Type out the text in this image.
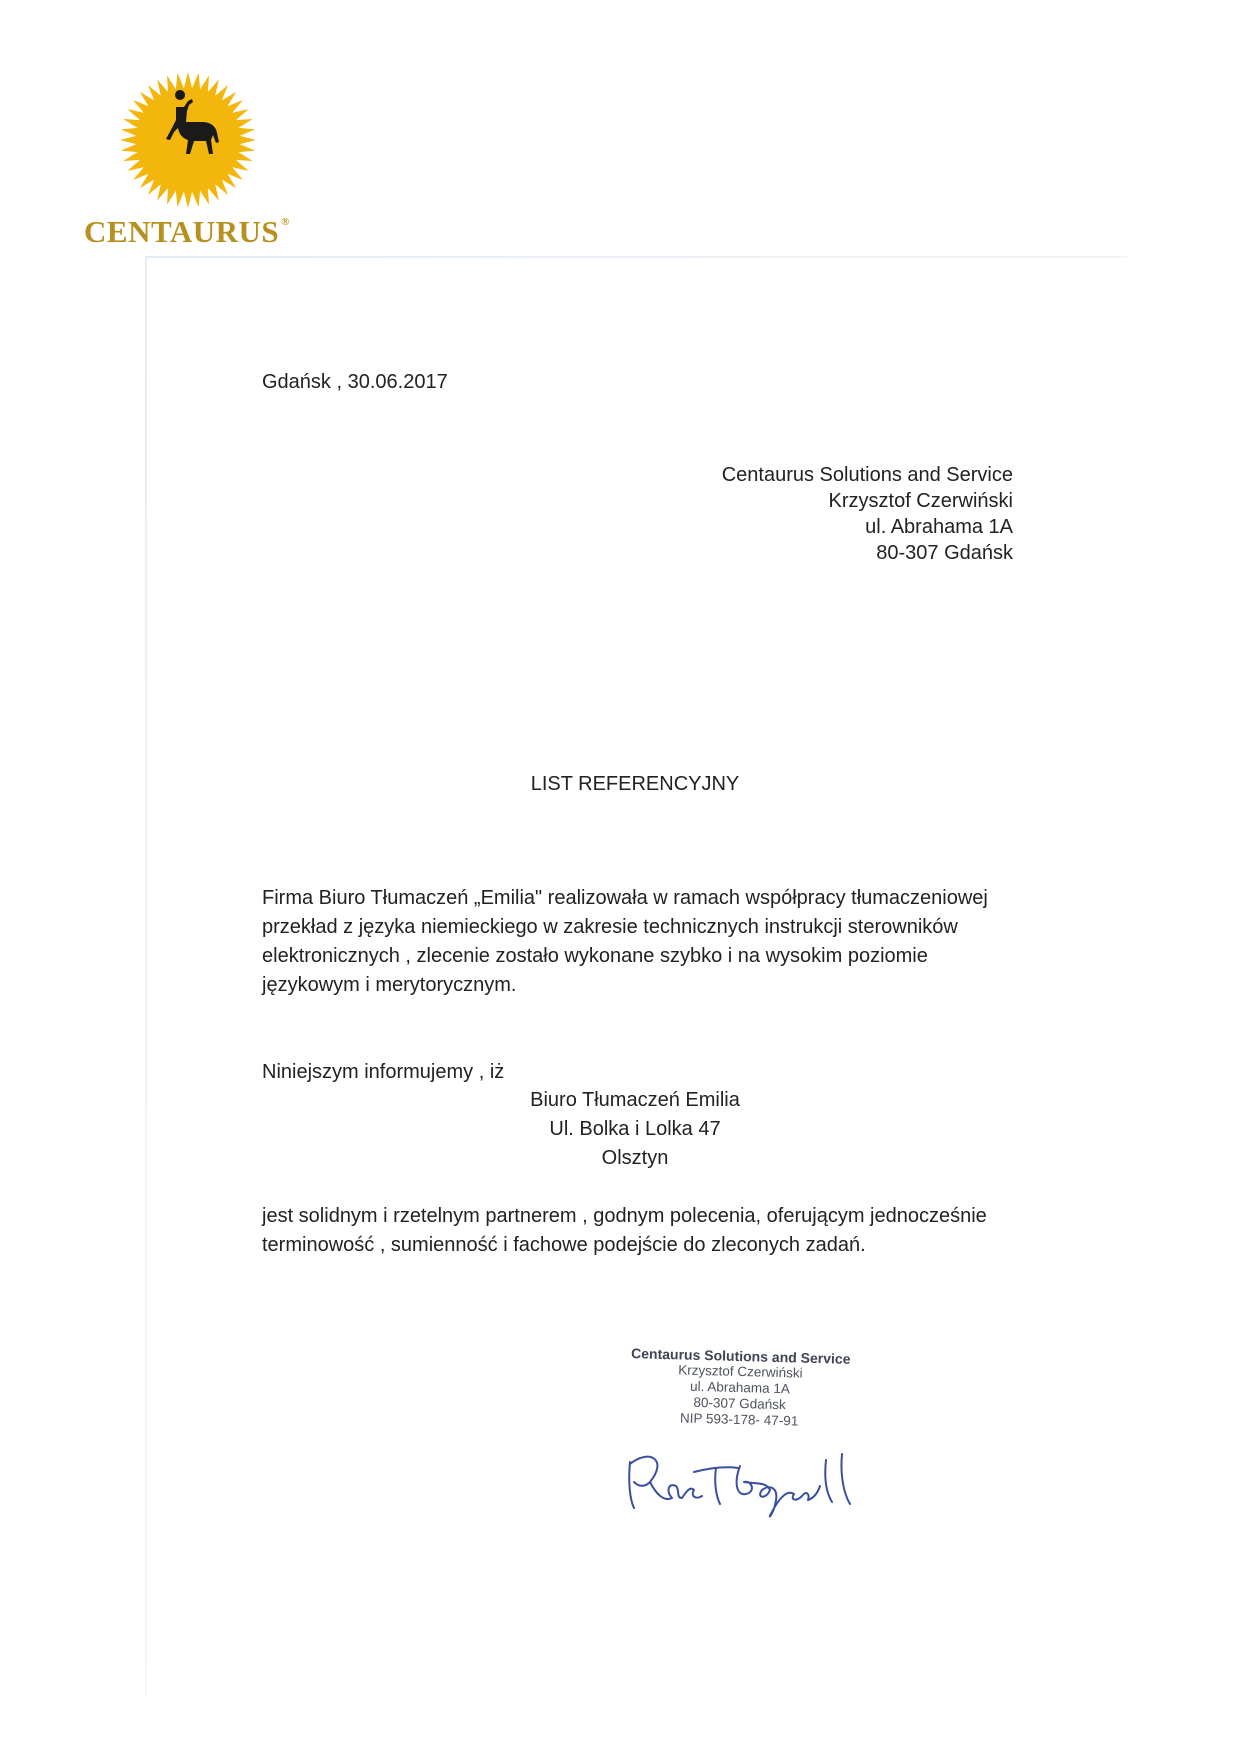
CENTAURUS ®
Gdańsk , 30.06.2017
Centaurus Solutions and Service
Krzysztof Czerwiński
ul. Abrahama 1A
80-307 Gdańsk
LIST REFERENCYJNY
Firma Biuro Tłumaczeń „Emilia" realizowała w ramach współpracy tłumaczeniowej
przekład z języka niemieckiego w zakresie technicznych instrukcji sterowników
elektronicznych , zlecenie zostało wykonane szybko i na wysokim poziomie
językowym i merytorycznym.
Niniejszym informujemy , iż
Biuro Tłumaczeń Emilia
Ul. Bolka i Lolka 47
Olsztyn
jest solidnym i rzetelnym partnerem , godnym polecenia, oferującym jednocześnie
terminowość , sumienność i fachowe podejście do zleconych zadań.
Centaurus Solutions and Service
Krzysztof Czerwiński
ul. Abrahama 1A
80-307 Gdańsk
NIP 593-178- 47-91
